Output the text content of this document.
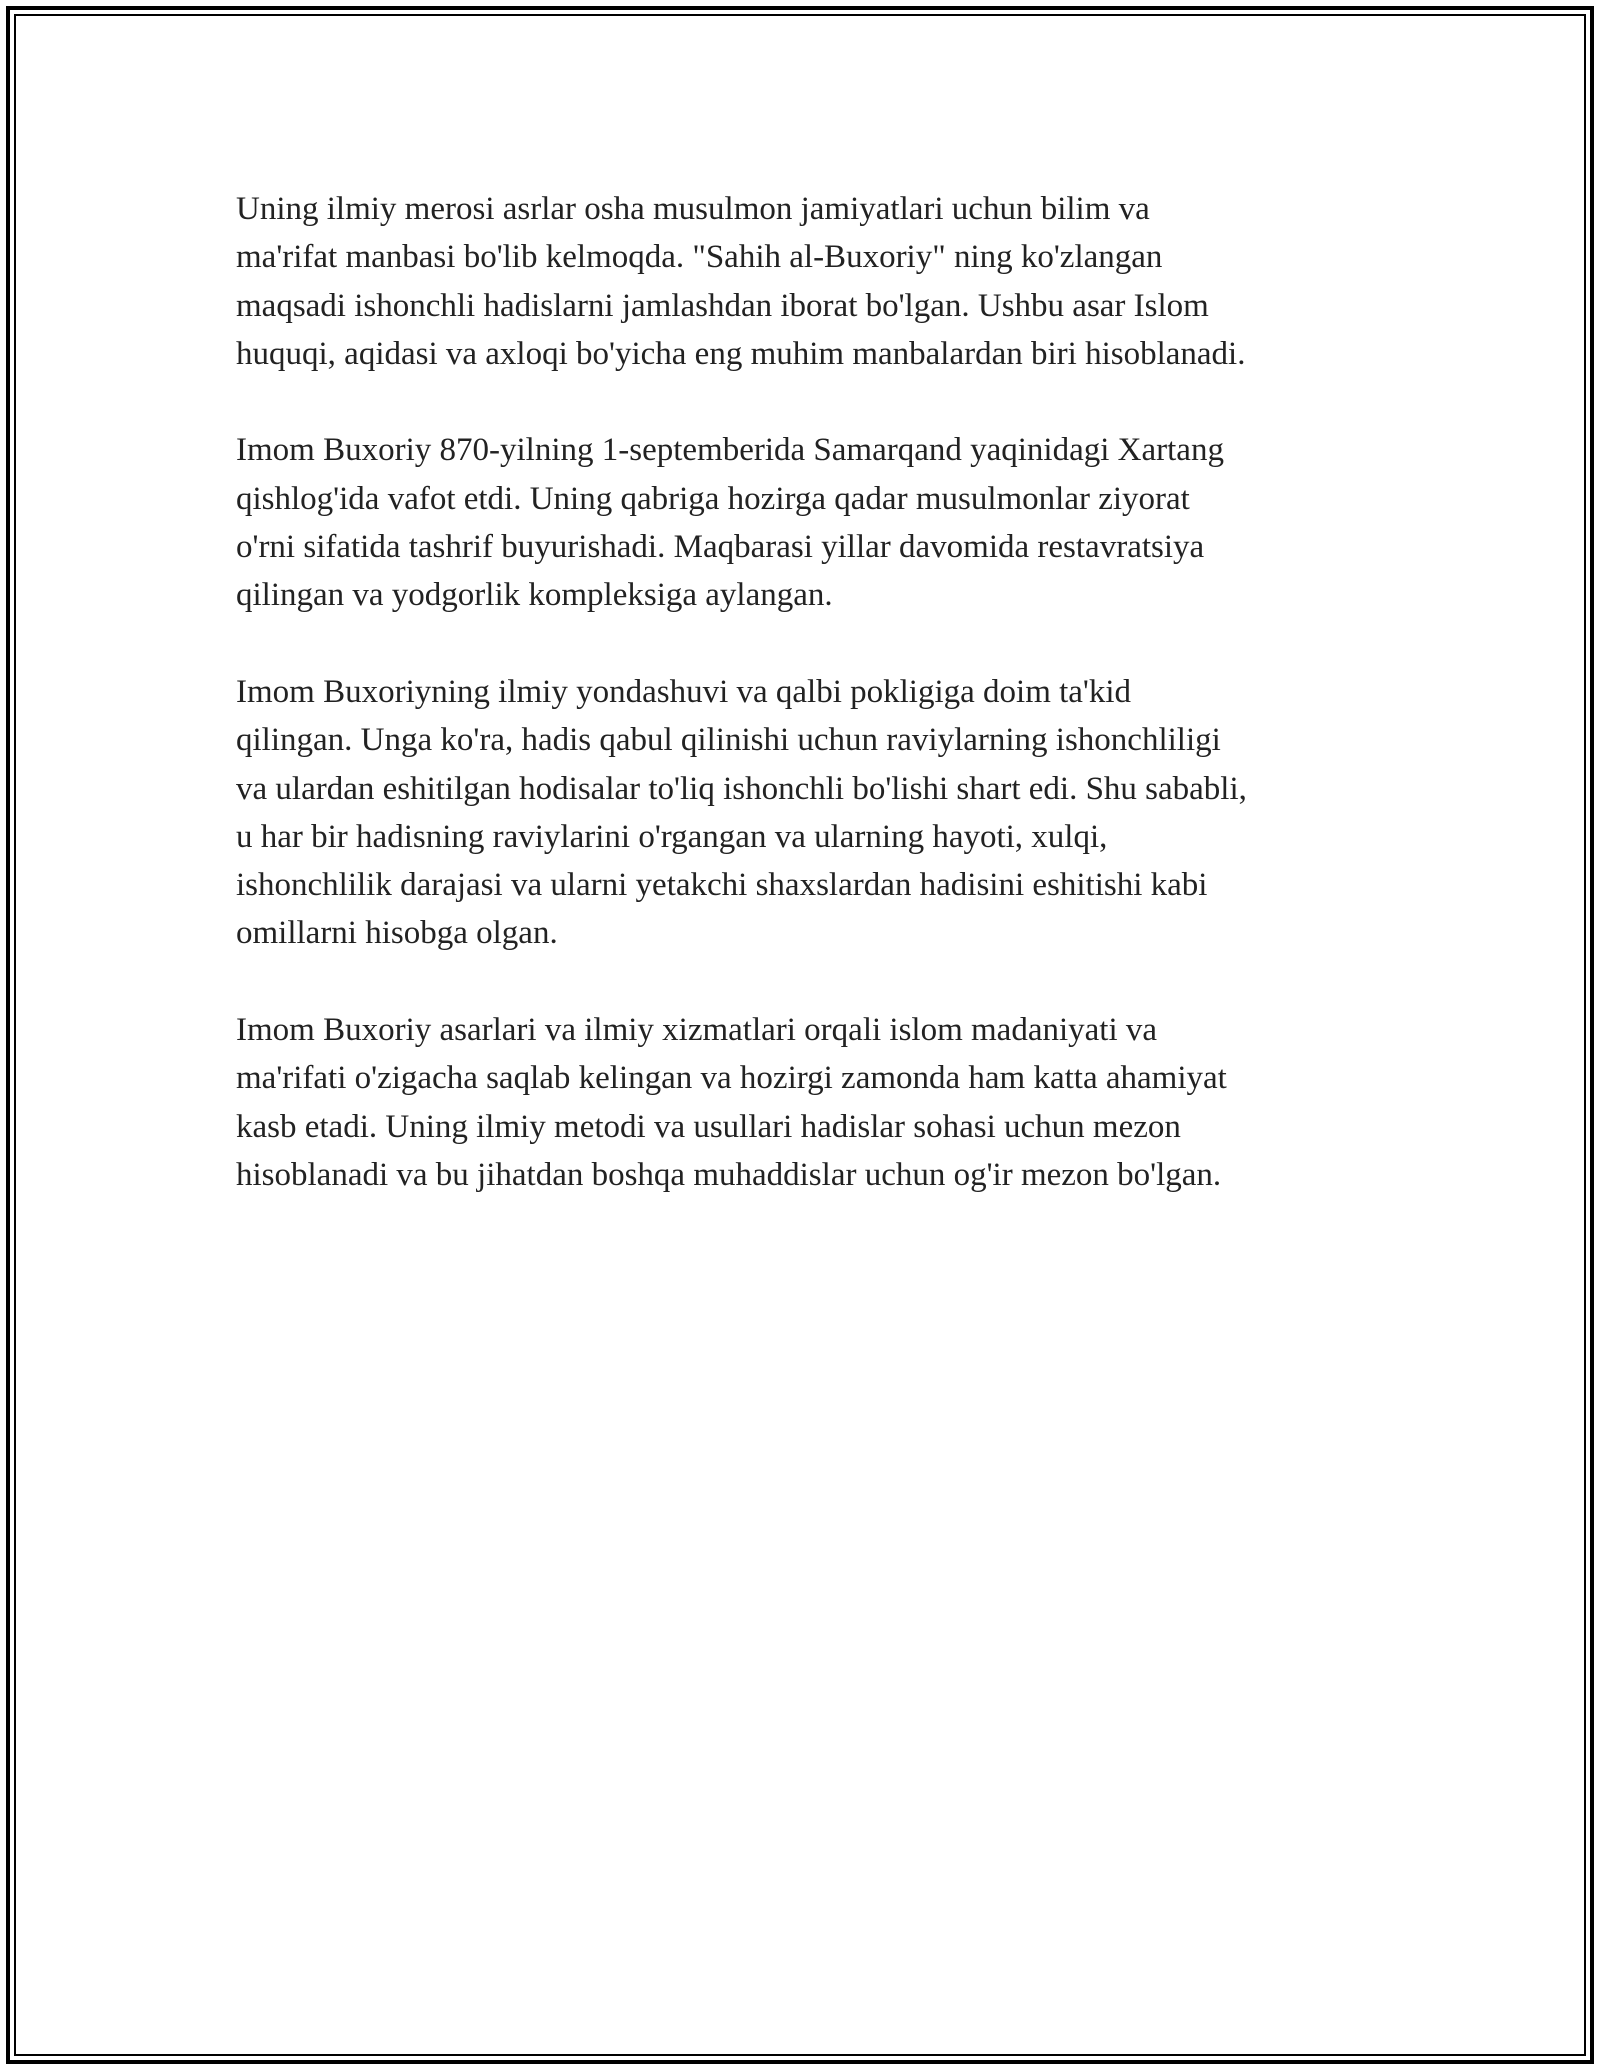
Uning ilmiy merosi asrlar osha musulmon jamiyatlari uchun bilim va
ma'rifat manbasi bo'lib kelmoqda. "Sahih al-Buxoriy" ning ko'zlangan
maqsadi ishonchli hadislarni jamlashdan iborat bo'lgan. Ushbu asar Islom
huquqi, aqidasi va axloqi bo'yicha eng muhim manbalardan biri hisoblanadi.

Imom Buxoriy 870-yilning 1-septemberida Samarqand yaqinidagi Xartang
qishlog'ida vafot etdi. Uning qabriga hozirga qadar musulmonlar ziyorat
o'rni sifatida tashrif buyurishadi. Maqbarasi yillar davomida restavratsiya
qilingan va yodgorlik kompleksiga aylangan.

Imom Buxoriyning ilmiy yondashuvi va qalbi pokligiga doim ta'kid
qilingan. Unga ko'ra, hadis qabul qilinishi uchun raviylarning ishonchliligi
va ulardan eshitilgan hodisalar to'liq ishonchli bo'lishi shart edi. Shu sababli,
u har bir hadisning raviylarini o'rgangan va ularning hayoti, xulqi,
ishonchlilik darajasi va ularni yetakchi shaxslardan hadisini eshitishi kabi
omillarni hisobga olgan.

Imom Buxoriy asarlari va ilmiy xizmatlari orqali islom madaniyati va
ma'rifati o'zigacha saqlab kelingan va hozirgi zamonda ham katta ahamiyat
kasb etadi. Uning ilmiy metodi va usullari hadislar sohasi uchun mezon
hisoblanadi va bu jihatdan boshqa muhaddislar uchun og'ir mezon bo'lgan.
